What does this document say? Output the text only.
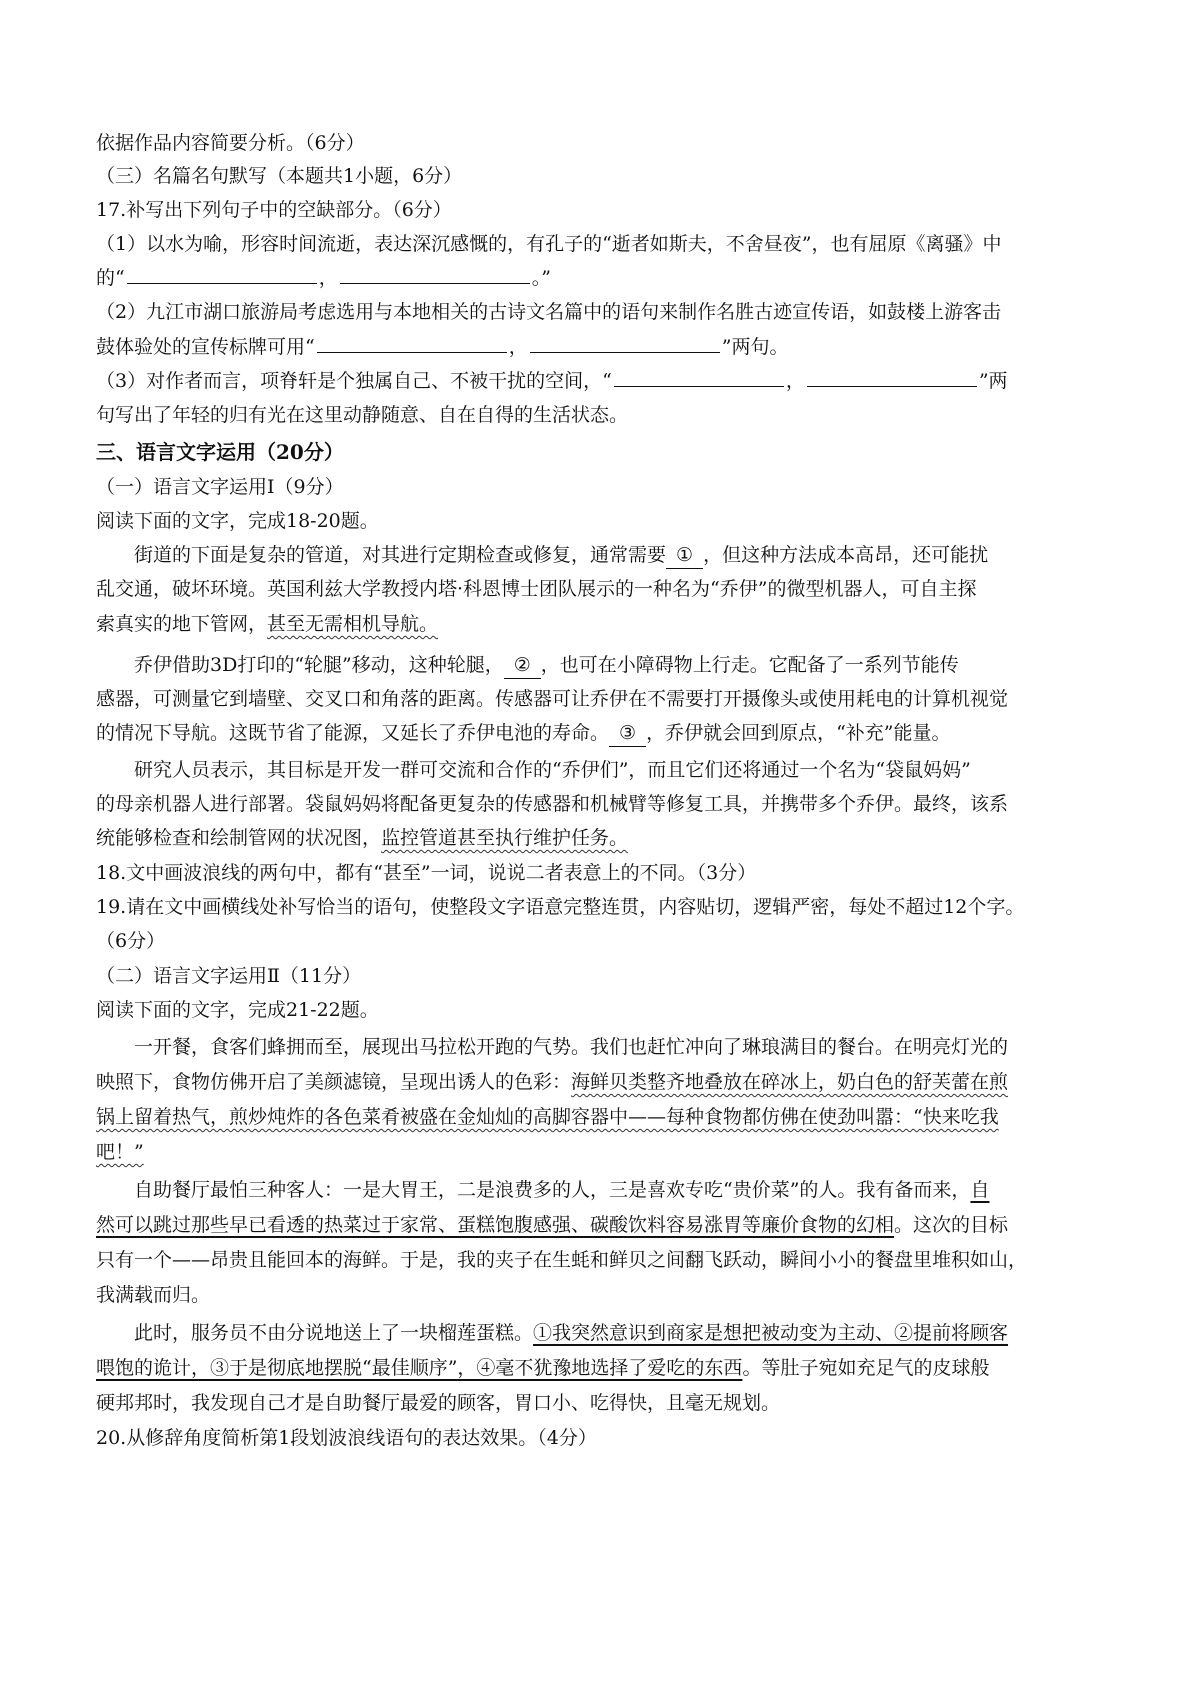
依据作品内容简要分析。（6分）
（三）名篇名句默写（本题共1小题，6分）
17.补写出下列句子中的空缺部分。（6分）
（1）以水为喻，形容时间流逝，表达深沉感慨的，有孔子的“逝者如斯夫，不舍昼夜”，也有屈原《离骚》中
的“	，	。”
（2）九江市湖口旅游局考虑选用与本地相关的古诗文名篇中的语句来制作名胜古迹宣传语，如鼓楼上游客击
鼓体验处的宣传标牌可用“	，	”两句。
（3）对作者而言，项脊轩是个独属自己、不被干扰的空间，“	，	”两
句写出了年轻的归有光在这里动静随意、自在自得的生活状态。
三、语言文字运用（20分）
（一）语言文字运用Ⅰ（9分）
阅读下面的文字，完成18-20题。
街道的下面是复杂的管道，对其进行定期检查或修复，通常需要 ① ，但这种方法成本高昂，还可能扰
乱交通，破坏环境。英国利兹大学教授内塔·科恩博士团队展示的一种名为“乔伊”的微型机器人，可自主探
索真实的地下管网，甚至无需相机导航。
乔伊借助3D打印的“轮腿”移动，这种轮腿， ② ，也可在小障碍物上行走。它配备了一系列节能传
感器，可测量它到墙壁、交叉口和角落的距离。传感器可让乔伊在不需要打开摄像头或使用耗电的计算机视觉
的情况下导航。这既节省了能源，又延长了乔伊电池的寿命。 ③ ，乔伊就会回到原点，“补充”能量。
研究人员表示，其目标是开发一群可交流和合作的“乔伊们”，而且它们还将通过一个名为“袋鼠妈妈”
的母亲机器人进行部署。袋鼠妈妈将配备更复杂的传感器和机械臂等修复工具，并携带多个乔伊。最终，该系
统能够检查和绘制管网的状况图，监控管道甚至执行维护任务。
18.文中画波浪线的两句中，都有“甚至”一词，说说二者表意上的不同。（3分）
19.请在文中画横线处补写恰当的语句，使整段文字语意完整连贯，内容贴切，逻辑严密，每处不超过12个字。
（6分）
（二）语言文字运用Ⅱ（11分）
阅读下面的文字，完成21-22题。
一开餐，食客们蜂拥而至，展现出马拉松开跑的气势。我们也赶忙冲向了琳琅满目的餐台。在明亮灯光的
映照下，食物仿佛开启了美颜滤镜，呈现出诱人的色彩：海鲜贝类整齐地叠放在碎冰上，奶白色的舒芙蕾在煎
锅上留着热气，煎炒炖炸的各色菜肴被盛在金灿灿的高脚容器中——每种食物都仿佛在使劲叫嚣：“快来吃我
吧！”
自助餐厅最怕三种客人：一是大胃王，二是浪费多的人，三是喜欢专吃“贵价菜”的人。我有备而来，自
然可以跳过那些早已看透的热菜过于家常、蛋糕饱腹感强、碳酸饮料容易涨胃等廉价食物的幻相。这次的目标
只有一个——昂贵且能回本的海鲜。于是，我的夹子在生蚝和鲜贝之间翻飞跃动，瞬间小小的餐盘里堆积如山，
我满载而归。
此时，服务员不由分说地送上了一块榴莲蛋糕。①我突然意识到商家是想把被动变为主动、②提前将顾客
喂饱的诡计，③于是彻底地摆脱“最佳顺序”，④毫不犹豫地选择了爱吃的东西。等肚子宛如充足气的皮球般
硬邦邦时，我发现自己才是自助餐厅最爱的顾客，胃口小、吃得快，且毫无规划。
20.从修辞角度简析第1段划波浪线语句的表达效果。（4分）
